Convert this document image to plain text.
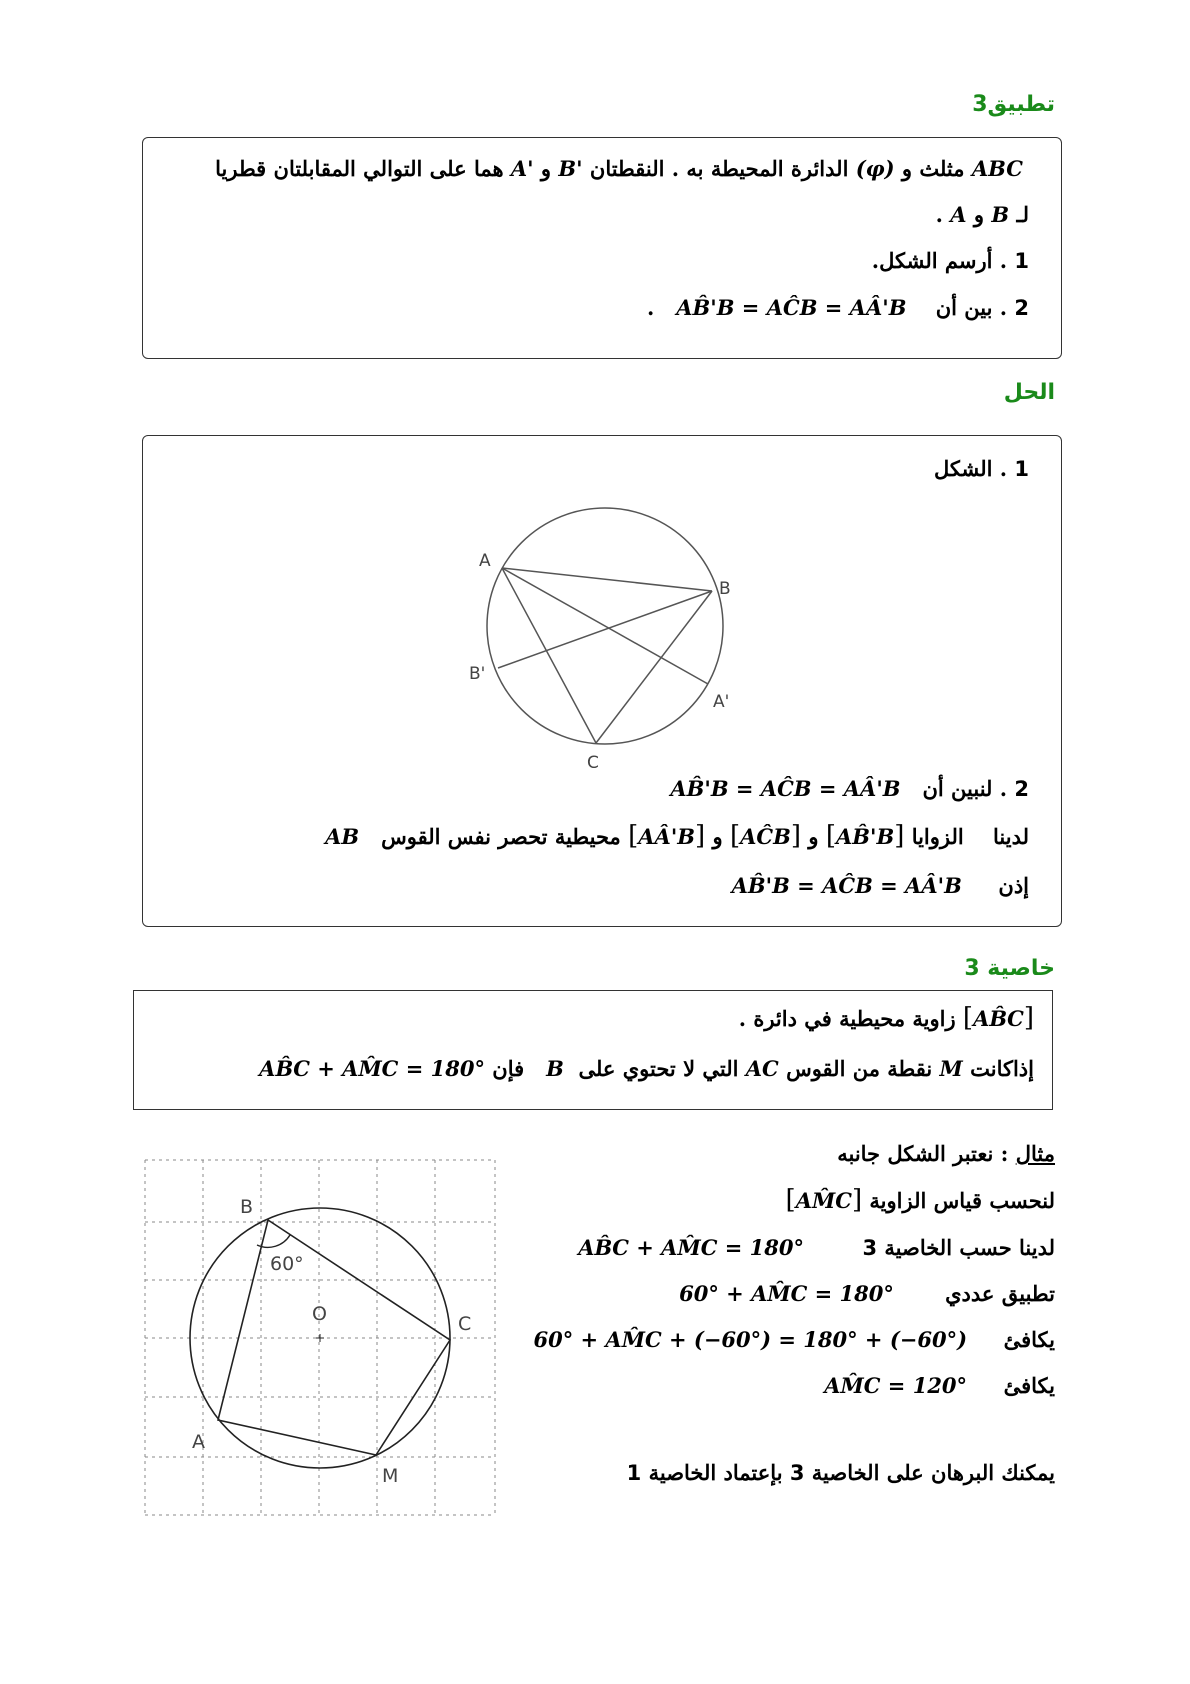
تطبيق3
ABC مثلث و (φ) الدائرة المحيطة به . النقطتان B' و A' هما على التوالي المقابلتان قطريا
لـ B و A .
1 . أرسم الشكل.
2 . بين أن    AB̂'B = AĈB = AÂ'B   .
الحل
1 . الشكل
A
B
B'
A'
C
2 . لنبين أن   AB̂'B = AĈB = AÂ'B
لدينا    الزوايا [AB̂'B] و [AĈB] و [AÂ'B] محيطية تحصر نفس القوس   AB
إذن     AB̂'B = AĈB = AÂ'B
خاصية 3
[AB̂C] زاوية محيطية في دائرة .
إذاكانت M نقطة من القوس AC التي لا تحتوي على  B   فإن AB̂C + AM̂C = 180°
B
C
A
M
O
60°
مثال : نعتبر الشكل جانبه
لنحسب قياس الزاوية [AM̂C]
لدينا حسب الخاصية 3        AB̂C + AM̂C = 180°
تطبيق عددي       60° + AM̂C = 180°
يكافئ     60° + AM̂C + (−60°) = 180° + (−60°)
يكافئ     AM̂C = 120°
يمكنك البرهان على الخاصية 3 بإعتماد الخاصية 1
